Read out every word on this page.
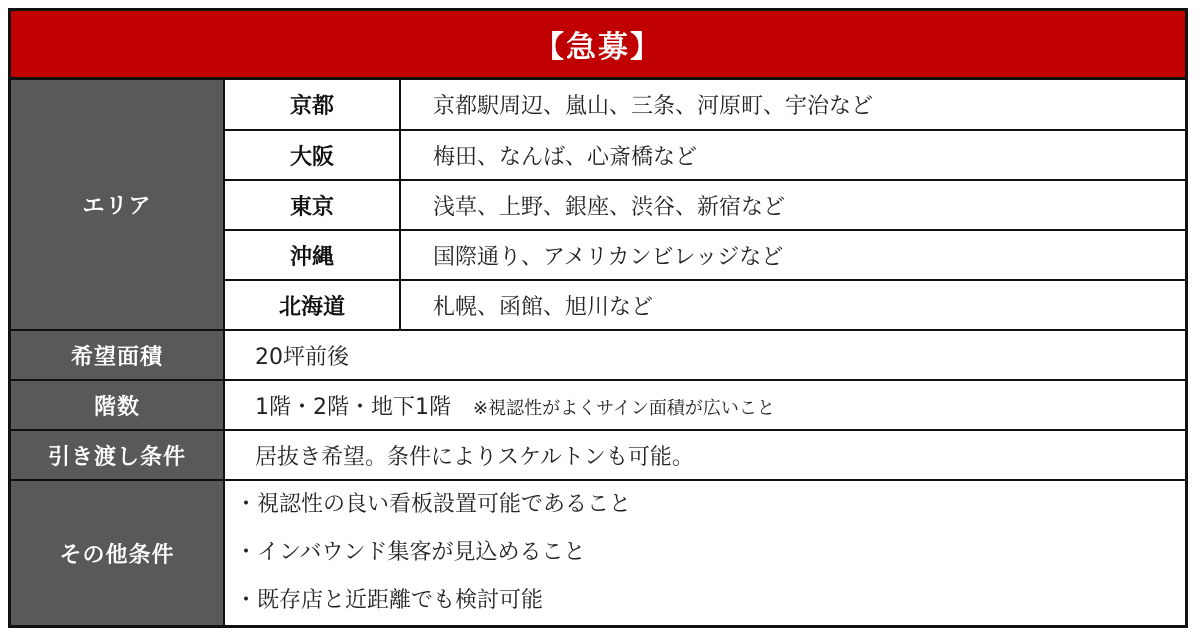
【急募】
エリア	京都	京都駅周辺、嵐山、三条、河原町、宇治など
	大阪	梅田、なんば、心斎橋など
	東京	浅草、上野、銀座、渋谷、新宿など
	沖縄	国際通り、アメリカンビレッジなど
	北海道	札幌、函館、旭川など
希望面積	20坪前後	
階数	1階・2階・地下1階 ※視認性がよくサイン面積が広いこと	
引き渡し条件	居抜き希望。条件によりスケルトンも可能。	
その他条件	・視認性の良い看板設置可能であること
・インバウンド集客が見込めること
・既存店と近距離でも検討可能	
